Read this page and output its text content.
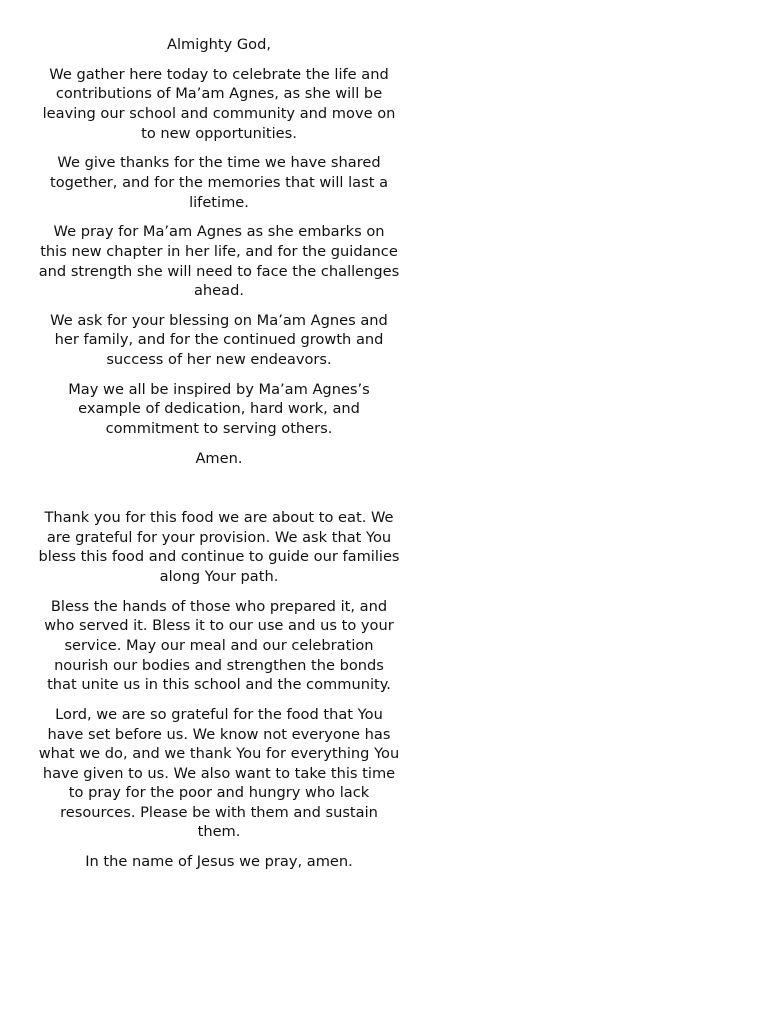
Almighty God,

We gather here today to celebrate the life and contributions of Ma’am Agnes, as she will be leaving our school and community and move on to new opportunities.

We give thanks for the time we have shared together, and for the memories that will last a lifetime.

We pray for Ma’am Agnes as she embarks on this new chapter in her life, and for the guidance and strength she will need to face the challenges ahead.

We ask for your blessing on Ma’am Agnes and her family, and for the continued growth and success of her new endeavors.

May we all be inspired by Ma’am Agnes’s example of dedication, hard work, and commitment to serving others.

Amen.

Thank you for this food we are about to eat. We are grateful for your provision. We ask that You bless this food and continue to guide our families along Your path.

Bless the hands of those who prepared it, and who served it. Bless it to our use and us to your service. May our meal and our celebration nourish our bodies and strengthen the bonds that unite us in this school and the community.

Lord, we are so grateful for the food that You have set before us. We know not everyone has what we do, and we thank You for everything You have given to us. We also want to take this time to pray for the poor and hungry who lack resources. Please be with them and sustain them.

In the name of Jesus we pray, amen.
